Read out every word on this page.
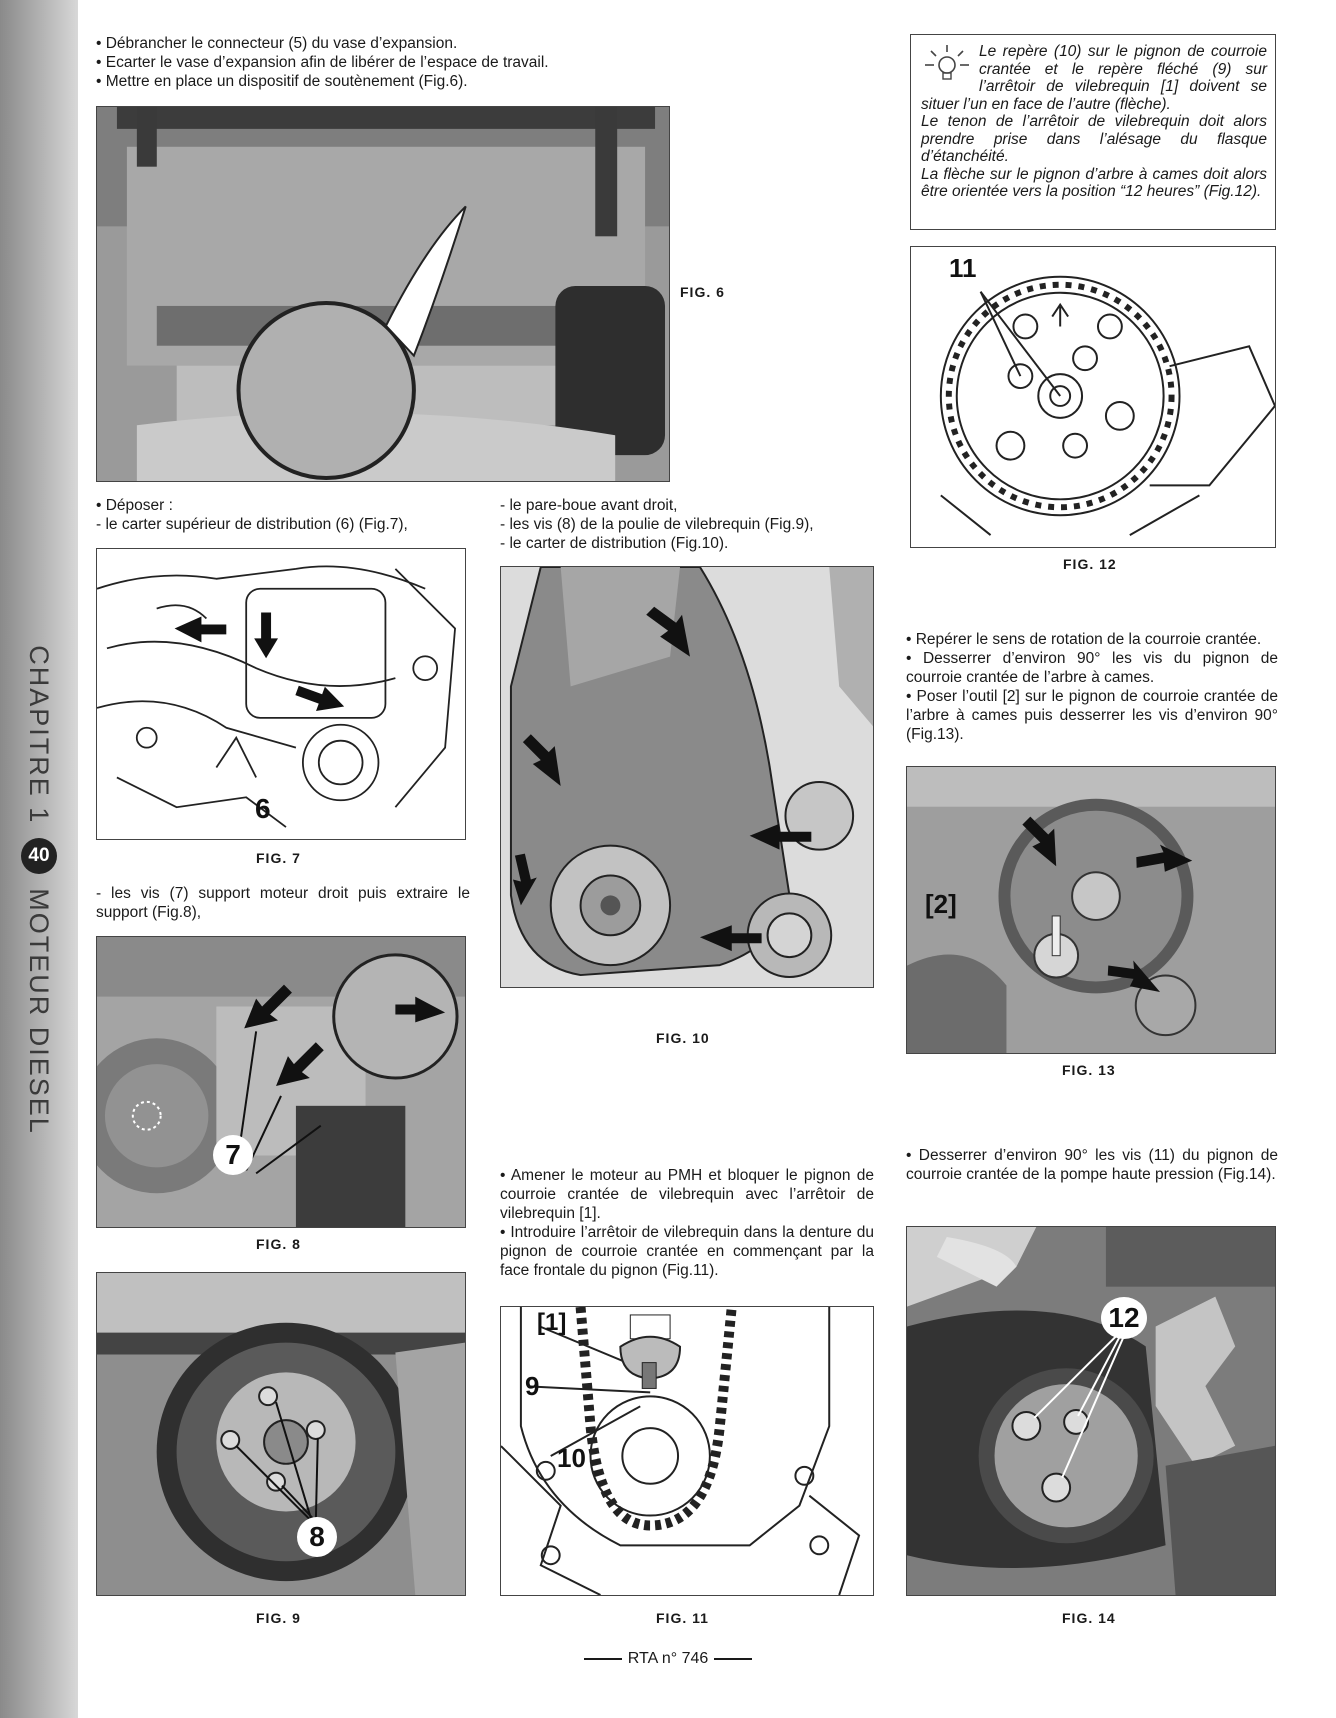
CHAPITRE 1
40
MOTEUR DIESEL

• Débrancher le connecteur (5) du vase d’expansion.

• Ecarter le vase d’expansion afin de libérer de l’espace de travail.

• Mettre en place un dispositif de soutènement (Fig.6).

FIG. 6
Le repère (10) sur le pignon de courroie crantée et le repère fléché (9) sur l’arrêtoir de vilebrequin [1] doivent se situer l’un en face de l’autre (flèche).
Le tenon de l’arrêtoir de vilebrequin doit alors prendre prise dans l’alésage du flasque d’étanchéité.
La flèche sur le pignon d’arbre à cames doit alors être orientée vers la position “12 heures” (Fig.12).
11
FIG. 12

• Déposer :

- le carter supérieur de distribution (6) (Fig.7),

- le pare-boue avant droit,

- les vis (8) de la poulie de vilebrequin (Fig.9),

- le carter de distribution (Fig.10).

6
FIG. 7
FIG. 10

- les vis (7) support moteur droit puis extraire le support (Fig.8),

7
FIG. 8

• Repérer le sens de rotation de la courroie crantée.

• Desserrer d’environ 90° les vis du pignon de courroie crantée de l’arbre à cames.

• Poser l’outil [2] sur le pignon de courroie crantée de l’arbre à cames puis desserrer les vis d’environ 90° (Fig.13).

[2]
FIG. 13

• Amener le moteur au PMH et bloquer le pignon de courroie crantée de vilebrequin avec l’arrêtoir de vilebrequin [1].

• Introduire l’arrêtoir de vilebrequin dans la denture du pignon de courroie crantée en commençant par la face frontale du pignon (Fig.11).

• Desserrer d’environ 90° les vis (11) du pignon de courroie crantée de la pompe haute pression (Fig.14).

8
FIG. 9
[1]
9
10
FIG. 11
12
FIG. 14
RTA n° 746
